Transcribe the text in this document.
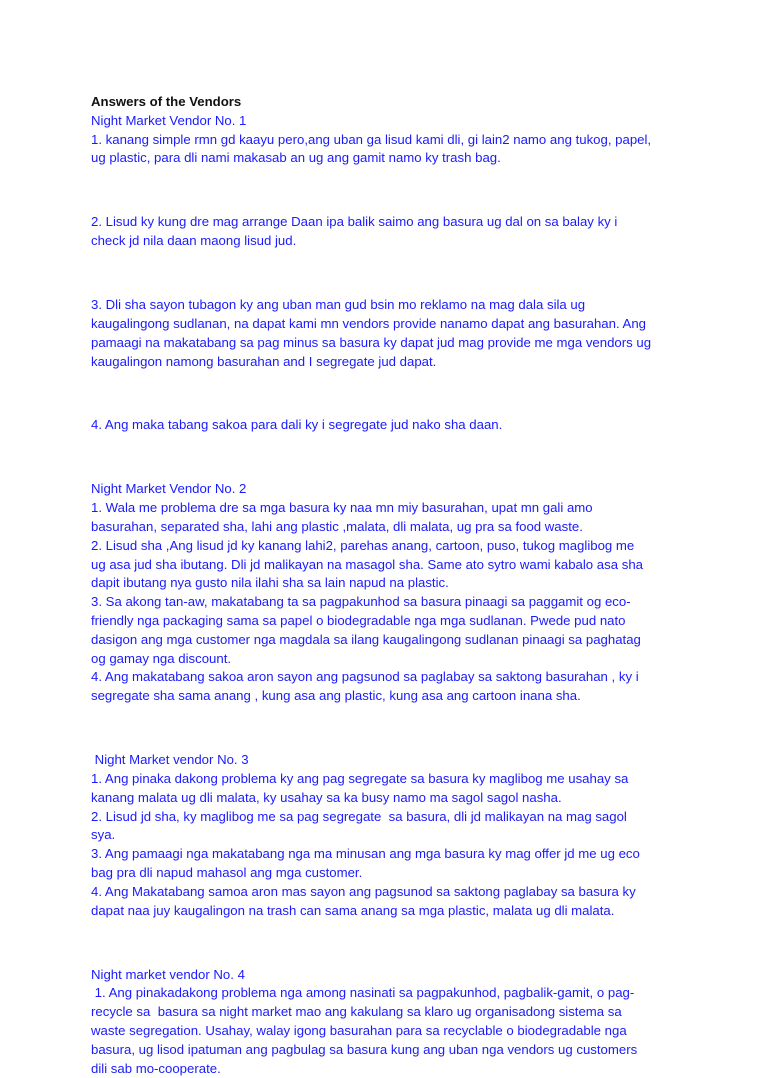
Answers of the Vendors

Night Market Vendor No. 1

1. kanang simple rmn gd kaayu pero,ang uban ga lisud kami dli, gi lain2 namo ang tukog, papel,

ug plastic, para dli nami makasab an ug ang gamit namo ky trash bag.

2. Lisud ky kung dre mag arrange Daan ipa balik saimo ang basura ug dal on sa balay ky i

check jd nila daan maong lisud jud.

3. Dli sha sayon tubagon ky ang uban man gud bsin mo reklamo na mag dala sila ug

kaugalingong sudlanan, na dapat kami mn vendors provide nanamo dapat ang basurahan. Ang

pamaagi na makatabang sa pag minus sa basura ky dapat jud mag provide me mga vendors ug

kaugalingon namong basurahan and I segregate jud dapat.

4. Ang maka tabang sakoa para dali ky i segregate jud nako sha daan.

Night Market Vendor No. 2

1. Wala me problema dre sa mga basura ky naa mn miy basurahan, upat mn gali amo

basurahan, separated sha, lahi ang plastic ,malata, dli malata, ug pra sa food waste.

2. Lisud sha ,Ang lisud jd ky kanang lahi2, parehas anang, cartoon, puso, tukog maglibog me

ug asa jud sha ibutang. Dli jd malikayan na masagol sha. Same ato sytro wami kabalo asa sha

dapit ibutang nya gusto nila ilahi sha sa lain napud na plastic.

3. Sa akong tan-aw, makatabang ta sa pagpakunhod sa basura pinaagi sa paggamit og eco-

friendly nga packaging sama sa papel o biodegradable nga mga sudlanan. Pwede pud nato

dasigon ang mga customer nga magdala sa ilang kaugalingong sudlanan pinaagi sa paghatag

og gamay nga discount.

4. Ang makatabang sakoa aron sayon ang pagsunod sa paglabay sa saktong basurahan , ky i

segregate sha sama anang , kung asa ang plastic, kung asa ang cartoon inana sha.

Night Market vendor No. 3

1. Ang pinaka dakong problema ky ang pag segregate sa basura ky maglibog me usahay sa

kanang malata ug dli malata, ky usahay sa ka busy namo ma sagol sagol nasha.

2. Lisud jd sha, ky maglibog me sa pag segregate  sa basura, dli jd malikayan na mag sagol

sya.

3. Ang pamaagi nga makatabang nga ma minusan ang mga basura ky mag offer jd me ug eco

bag pra dli napud mahasol ang mga customer.

4. Ang Makatabang samoa aron mas sayon ang pagsunod sa saktong paglabay sa basura ky

dapat naa juy kaugalingon na trash can sama anang sa mga plastic, malata ug dli malata.

Night market vendor No. 4

1. Ang pinakadakong problema nga among nasinati sa pagpakunhod, pagbalik-gamit, o pag-

recycle sa  basura sa night market mao ang kakulang sa klaro ug organisadong sistema sa

waste segregation. Usahay, walay igong basurahan para sa recyclable o biodegradable nga

basura, ug lisod ipatuman ang pagbulag sa basura kung ang uban nga vendors ug customers

dili sab mo-cooperate.
